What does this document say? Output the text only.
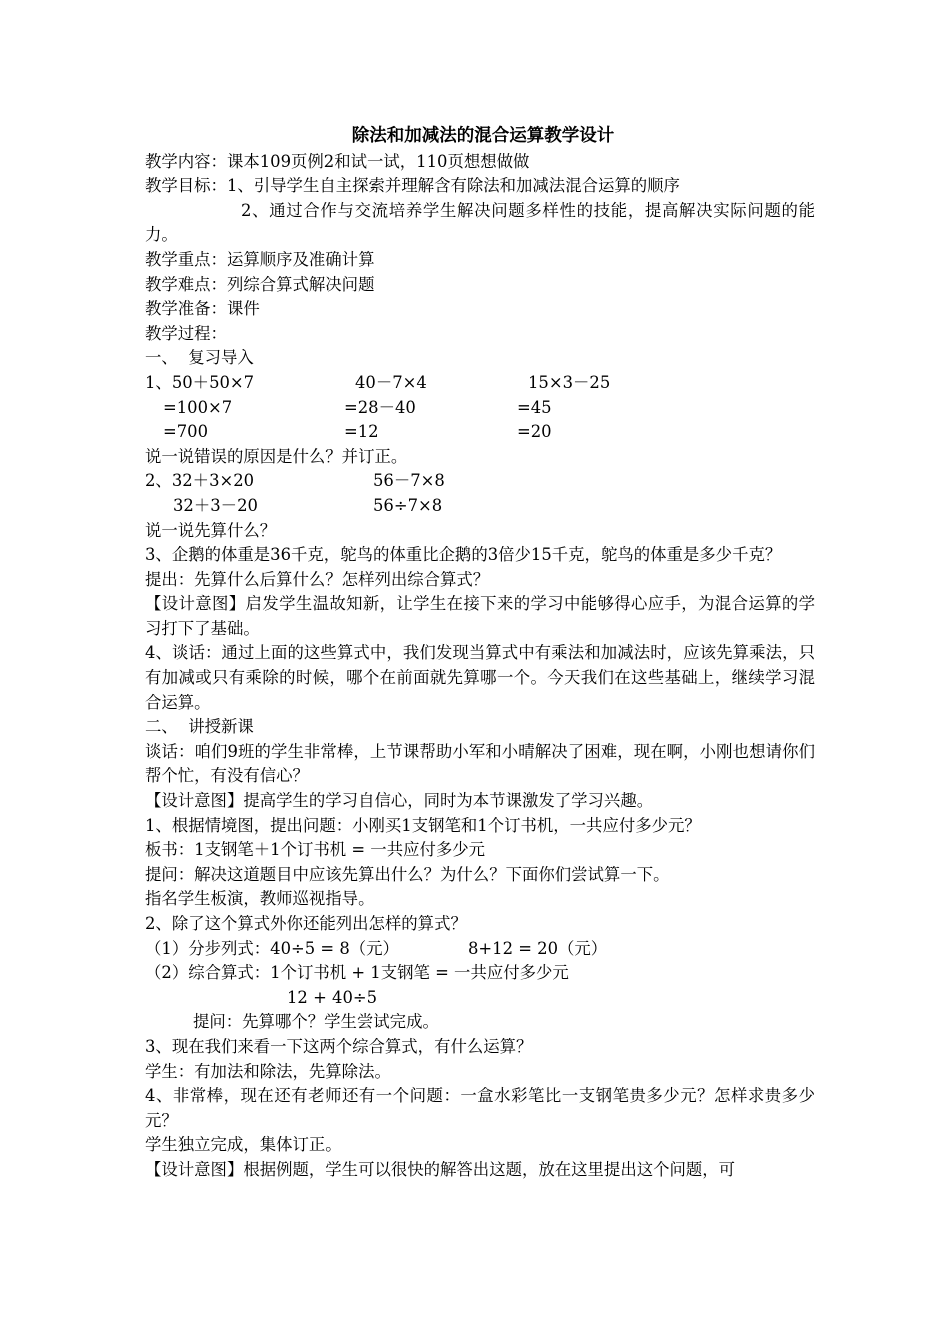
除法和加减法的混合运算教学设计
教学内容：课本109页例2和试一试，110页想想做做
教学目标：1、引导学生自主探索并理解含有除法和加减法混合运算的顺序
2、通过合作与交流培养学生解决问题多样性的技能，提高解决实际问题的能力。
教学重点：运算顺序及准确计算
教学难点：列综合算式解决问题
教学准备：课件
教学过程：
一、  复习导入
1、50＋50×7	40－7×4	15×3－25
=100×7	=28－40	=45
=700	=12	=20
说一说错误的原因是什么？并订正。
2、32＋3×20	56－7×8
32＋3－20	56÷7×8
说一说先算什么？
3、企鹅的体重是36千克，鸵鸟的体重比企鹅的3倍少15千克，鸵鸟的体重是多少千克？
提出：先算什么后算什么？怎样列出综合算式？
【设计意图】启发学生温故知新，让学生在接下来的学习中能够得心应手，为混合运算的学习打下了基础。
4、谈话：通过上面的这些算式中，我们发现当算式中有乘法和加减法时，应该先算乘法，只有加减或只有乘除的时候，哪个在前面就先算哪一个。今天我们在这些基础上，继续学习混合运算。
二、  讲授新课
谈话：咱们9班的学生非常棒，上节课帮助小军和小晴解决了困难，现在啊，小刚也想请你们帮个忙，有没有信心？
【设计意图】提高学生的学习自信心，同时为本节课激发了学习兴趣。
1、根据情境图，提出问题：小刚买1支钢笔和1个订书机，一共应付多少元？
板书：1支钢笔＋1个订书机 = 一共应付多少元
提问：解决这道题目中应该先算出什么？为什么？下面你们尝试算一下。
指名学生板演，教师巡视指导。
2、除了这个算式外你还能列出怎样的算式？
（1）分步列式：40÷5 = 8（元）	8+12 = 20（元）
（2）综合算式：1个订书机 + 1支钢笔 = 一共应付多少元
12 + 40÷5
提问：先算哪个？学生尝试完成。
3、现在我们来看一下这两个综合算式，有什么运算？
学生：有加法和除法，先算除法。
4、非常棒，现在还有老师还有一个问题：一盒水彩笔比一支钢笔贵多少元？怎样求贵多少元？
学生独立完成，集体订正。
【设计意图】根据例题，学生可以很快的解答出这题，放在这里提出这个问题，可
